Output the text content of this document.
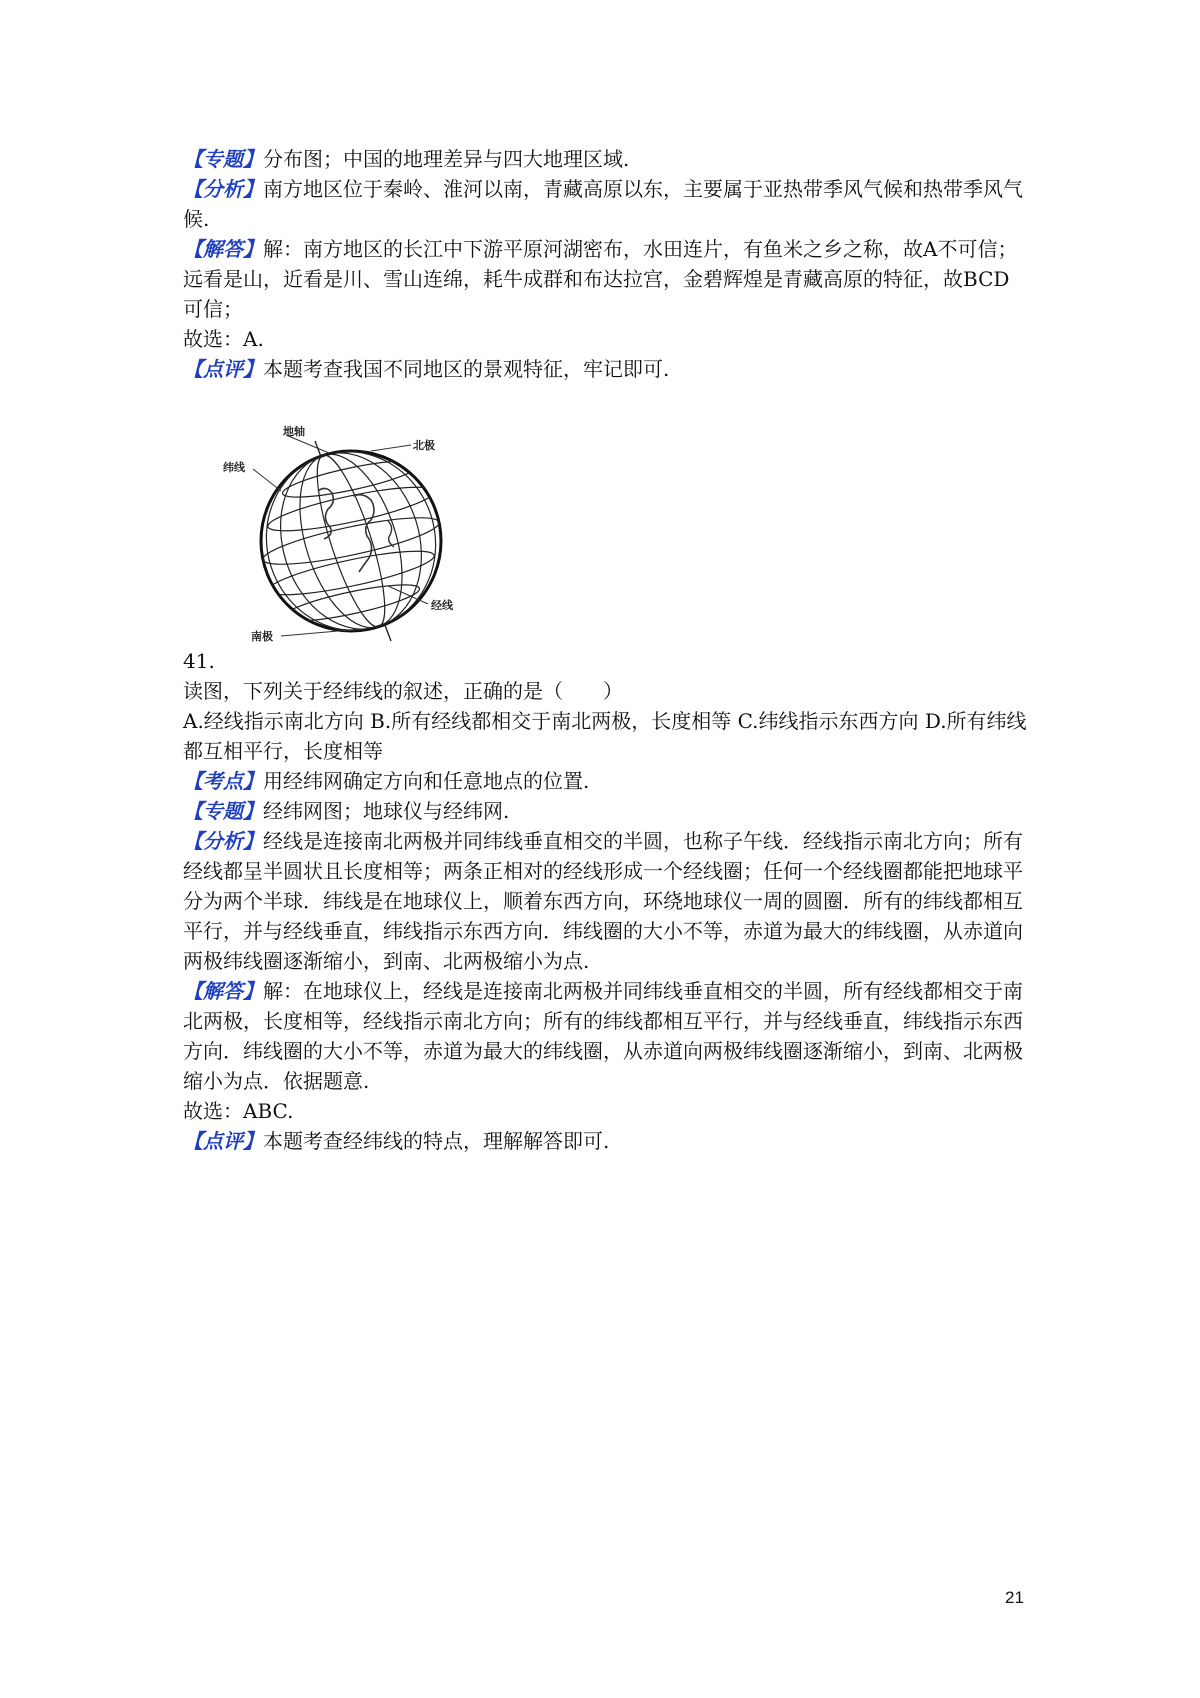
【专题】分布图；中国的地理差异与四大地理区域.
【分析】南方地区位于秦岭、淮河以南，青藏高原以东，主要属于亚热带季风气候和热带季风气候.
【解答】解：南方地区的长江中下游平原河湖密布，水田连片，有鱼米之乡之称，故A不可信；
远看是山，近看是川、雪山连绵，耗牛成群和布达拉宫，金碧辉煌是青藏高原的特征，故BCD可信；
故选：A.
【点评】本题考查我国不同地区的景观特征，牢记即可.
地轴
北极
纬线
经线
南极
41.
读图，下列关于经纬线的叙述，正确的是（　　）
A.经线指示南北方向 B.所有经线都相交于南北两极，长度相等 C.纬线指示东西方向 D.所有纬线都互相平行，长度相等
【考点】用经纬网确定方向和任意地点的位置.
【专题】经纬网图；地球仪与经纬网.
【分析】经线是连接南北两极并同纬线垂直相交的半圆，也称子午线．经线指示南北方向；所有经线都呈半圆状且长度相等；两条正相对的经线形成一个经线圈；任何一个经线圈都能把地球平分为两个半球．纬线是在地球仪上，顺着东西方向，环绕地球仪一周的圆圈．所有的纬线都相互平行，并与经线垂直，纬线指示东西方向．纬线圈的大小不等，赤道为最大的纬线圈，从赤道向两极纬线圈逐渐缩小，到南、北两极缩小为点.
【解答】解：在地球仪上，经线是连接南北两极并同纬线垂直相交的半圆，所有经线都相交于南北两极，长度相等，经线指示南北方向；所有的纬线都相互平行，并与经线垂直，纬线指示东西方向．纬线圈的大小不等，赤道为最大的纬线圈，从赤道向两极纬线圈逐渐缩小，到南、北两极缩小为点．依据题意.
故选：ABC.
【点评】本题考查经纬线的特点，理解解答即可.
21
